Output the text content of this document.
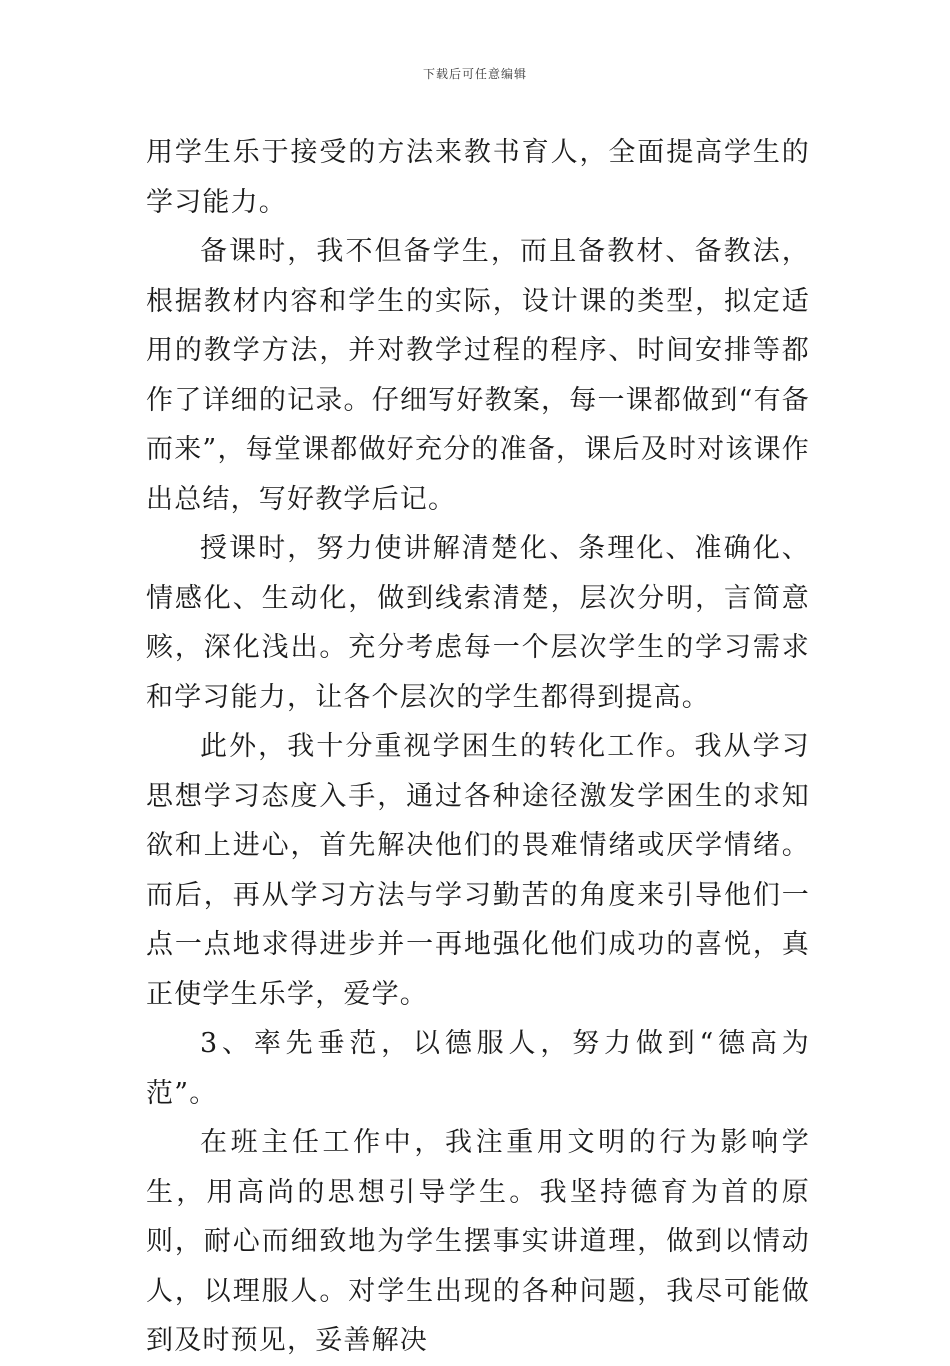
下载后可任意编辑

用学生乐于接受的方法来教书育人，全面提高学生的学习能力。

备课时，我不但备学生，而且备教材、备教法，根据教材内容和学生的实际，设计课的类型，拟定适用的教学方法，并对教学过程的程序、时间安排等都作了详细的记录。仔细写好教案，每一课都做到“有备而来”，每堂课都做好充分的准备，课后及时对该课作出总结，写好教学后记。

授课时，努力使讲解清楚化、条理化、准确化、情感化、生动化，做到线索清楚，层次分明，言简意赅，深化浅出。充分考虑每一个层次学生的学习需求和学习能力，让各个层次的学生都得到提高。

此外，我十分重视学困生的转化工作。我从学习思想学习态度入手，通过各种途径激发学困生的求知欲和上进心，首先解决他们的畏难情绪或厌学情绪。而后，再从学习方法与学习勤苦的角度来引导他们一点一点地求得进步并一再地强化他们成功的喜悦，真正使学生乐学，爱学。

3、率先垂范，以德服人，努力做到“德高为范”。

在班主任工作中，我注重用文明的行为影响学生，用高尚的思想引导学生。我坚持德育为首的原则，耐心而细致地为学生摆事实讲道理，做到以情动人，以理服人。对学生出现的各种问题，我尽可能做到及时预见，妥善解决
